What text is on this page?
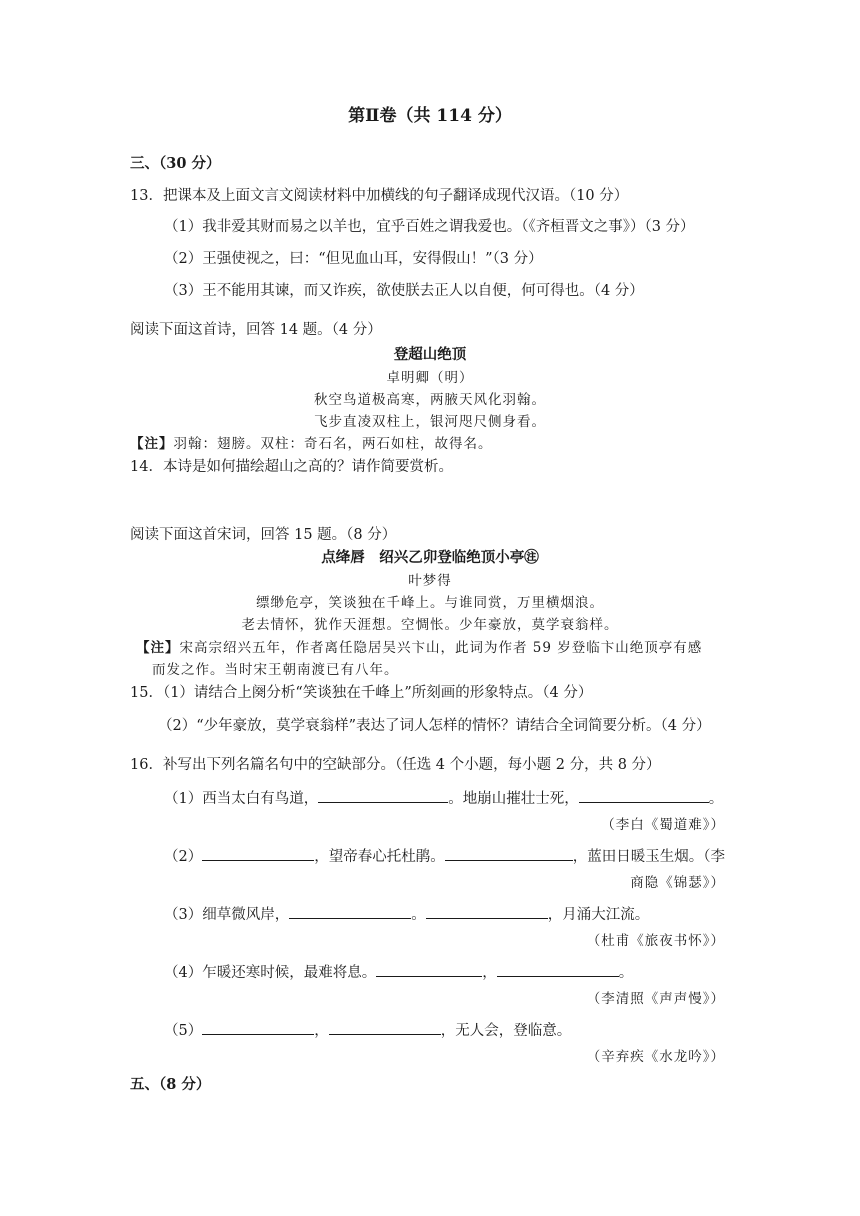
第Ⅱ卷（共 114 分）
三、（30 分）
13．把课本及上面文言文阅读材料中加横线的句子翻译成现代汉语。（10 分）
（1）我非爱其财而易之以羊也，宜乎百姓之谓我爱也。（《齐桓晋文之事》）（3 分）
（2）王强使视之，曰：“但见血山耳，安得假山！”（3 分）
（3）王不能用其谏，而又诈疾，欲使朕去正人以自便，何可得也。（4 分）
阅读下面这首诗，回答 14 题。（4 分）
登超山绝顶
卓明卿（明）
秋空鸟道极高寒，两腋天风化羽翰。
飞步直凌双柱上，银河咫尺侧身看。
【注】羽翰：翅膀。双柱：奇石名，两石如柱，故得名。
14．本诗是如何描绘超山之高的？请作简要赏析。
阅读下面这首宋词，回答 15 题。（8 分）
点绛唇　绍兴乙卯登临绝顶小亭㊟
叶梦得
缥缈危亭，笑谈独在千峰上。与谁同赏，万里横烟浪。
老去情怀，犹作天涯想。空惆怅。少年豪放，莫学衰翁样。
【注】宋高宗绍兴五年，作者离任隐居吴兴卞山，此词为作者 59 岁登临卞山绝顶亭有感
而发之作。当时宋王朝南渡已有八年。
15．（1）请结合上阕分析“笑谈独在千峰上”所刻画的形象特点。（4 分）
（2）“少年豪放，莫学衰翁样”表达了词人怎样的情怀？请结合全词简要分析。（4 分）
16．补写出下列名篇名句中的空缺部分。（任选 4 个小题，每小题 2 分，共 8 分）
（1）西当太白有鸟道，	。地崩山摧壮士死，	。
（李白《蜀道难》）
（2）	，望帝春心托杜鹃。	，蓝田日暖玉生烟。（李
商隐《锦瑟》）
（3）细草微风岸，	。	，月涌大江流。
（杜甫《旅夜书怀》）
（4）乍暖还寒时候，最难将息。	，	。
（李清照《声声慢》）
（5）	，	，无人会，登临意。
（辛弃疾《水龙吟》）
五、（8 分）
